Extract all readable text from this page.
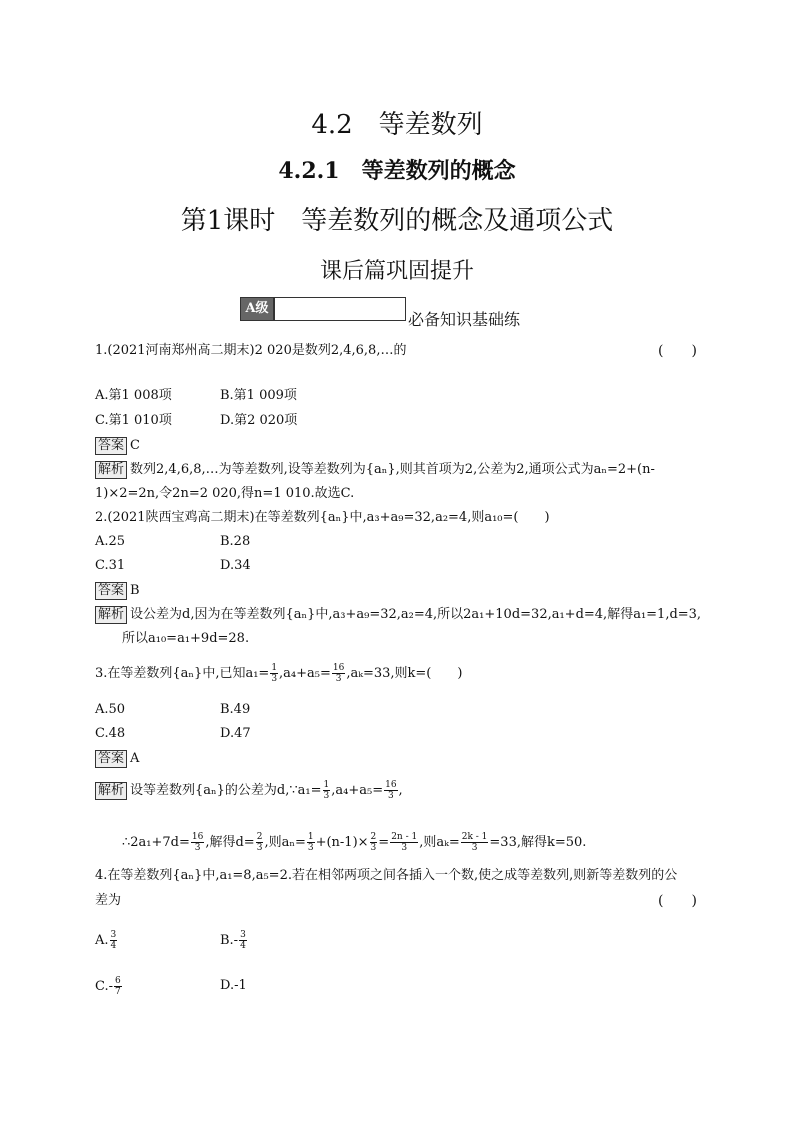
4.2　等差数列
4.2.1　等差数列的概念
第1课时　等差数列的概念及通项公式
课后篇巩固提升
A级
必备知识基础练
1.(2021河南郑州高二期末)2 020是数列2,4,6,8,…的	(　　)
A.第1 008项	B.第1 009项
C.第1 010项	D.第2 020项
答案 C
解析 数列2,4,6,8,…为等差数列,设等差数列为{aₙ},则其首项为2,公差为2,通项公式为aₙ=2+(n-
1)×2=2n,令2n=2 020,得n=1 010.故选C.
2.(2021陕西宝鸡高二期末)在等差数列{aₙ}中,a₃+a₉=32,a₂=4,则a₁₀=(　　)
A.25	B.28
C.31	D.34
答案 B
解析 设公差为d,因为在等差数列{aₙ}中,a₃+a₉=32,a₂=4,所以2a₁+10d=32,a₁+d=4,解得a₁=1,d=3,
所以a₁₀=a₁+9d=28.
3.在等差数列{aₙ}中,已知$a_1= \frac{1}{3} ,a_4+a_5= \frac{16}{3} ,a_k=33$,则k=(　　)
A.50	B.49
C.48	D.47
答案 A
解析 设等差数列{aₙ}的公差为d,∵a₁= $\frac{1}{3} ,a_4+a_5= \frac{16}{3}$ ,
∴2a₁+7d= $\frac{16}{3}$ ,解得$d= \frac{2}{3}$ ,则$a_n= \frac{1}{3} +(n-1)\times \frac{2}{3} = \frac{2n - 1}{3}$ ,则$a_k= \frac{2k - 1}{3} =33$,解得k=50.
4.在等差数列{aₙ}中,a₁=8,a₅=2.若在相邻两项之间各插入一个数,使之成等差数列,则新等差数列的公
差为	(　　)
A. $\frac{3}{4}$	$B.- \frac{3}{4}$
$C.- \frac{6}{7}$	D.-1
